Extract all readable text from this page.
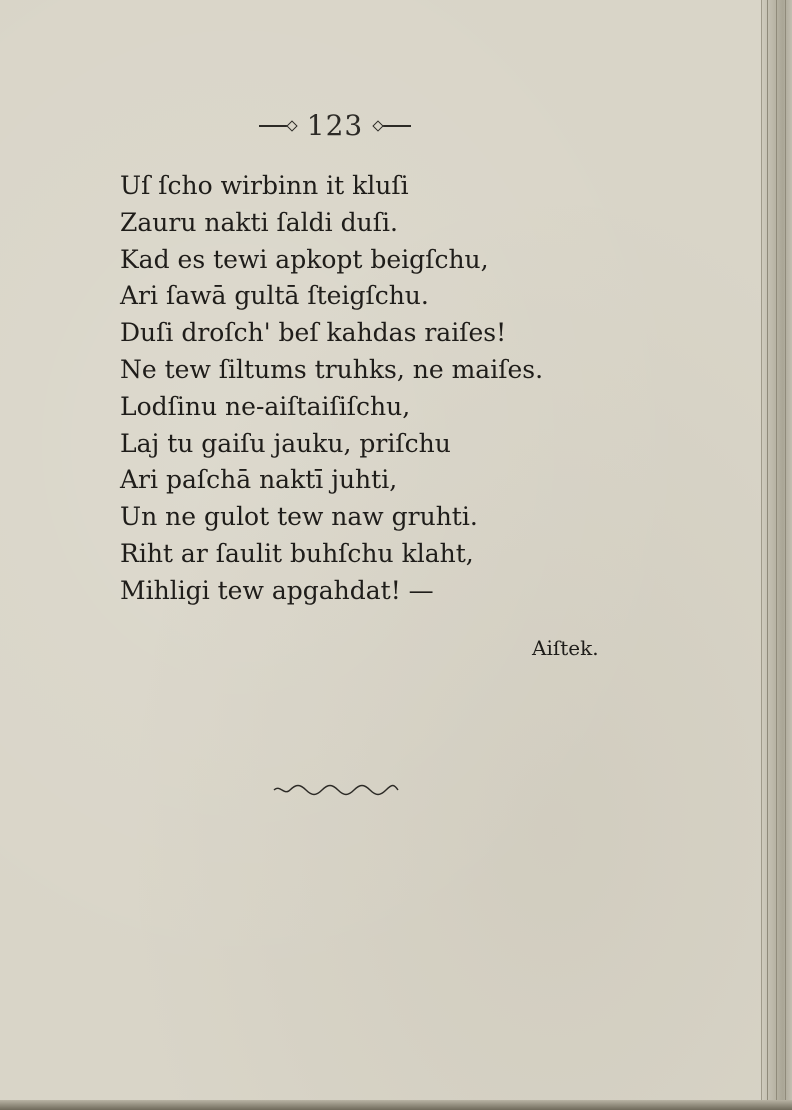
123
Uſ ſcho wirbinn it kluſi
Zauru nakti ſaldi duſi.
Kad es tewi apkopt beigſchu,
Ari ſawā gultā ſteigſchu.
Duſi droſch' beſ kahdas raiſes!
Ne tew ſiltums truhks, ne maiſes.
Lodſinu ne-aiſtaiſiſchu,
Laj tu gaiſu jauku, priſchu
Ari paſchā naktī juhti,
Un ne gulot tew naw gruhti.
Riht ar ſaulit buhſchu klaht,
Mihligi tew apgahdat! —
Aiſtek.
